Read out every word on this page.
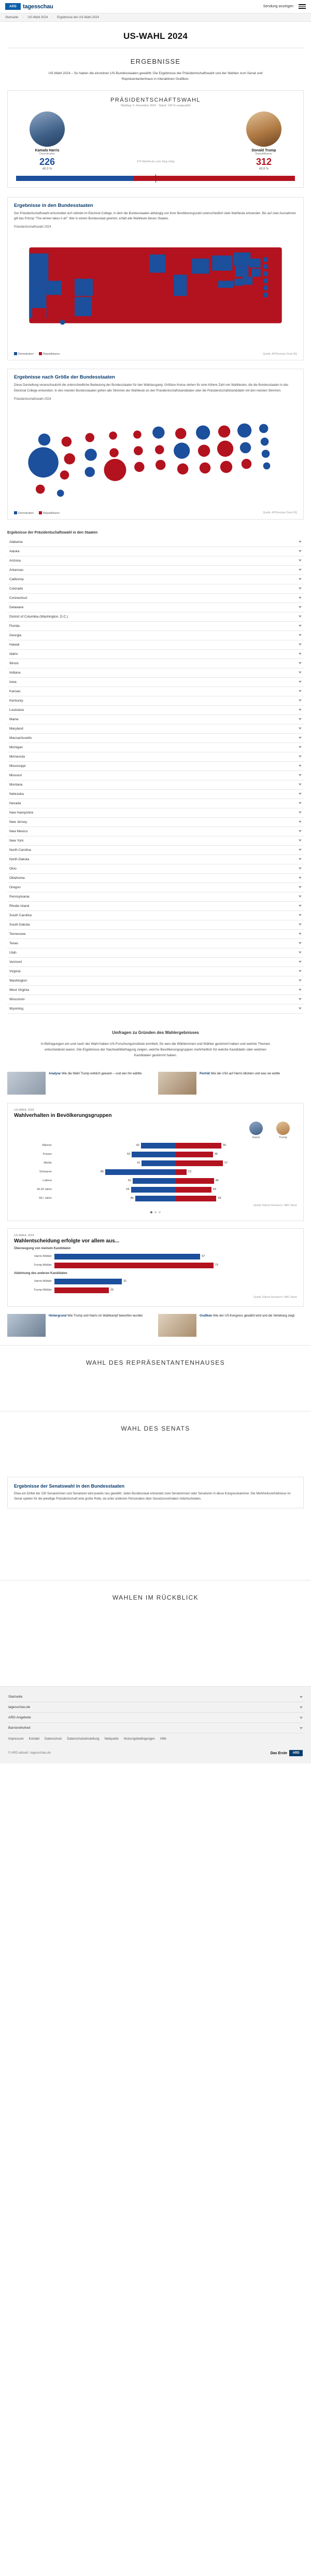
ARD	tagesschau	Sendung anzeigen
Startseite › US-Wahl 2024 › Ergebnisse der US-Wahl 2024
US-WAHL 2024
ERGEBNISSE
US-Wahl 2024 – So haben die einzelnen US-Bundesstaaten gewählt: Die Ergebnisse der Präsidentschaftswahl und der Wahlen zum Senat und Repräsentantenhaus in interaktiven Grafiken.
PRÄSIDENTSCHAFTSWAHL
Wahltag: 5. November 2024 · Stand: 100 % ausgezählt
Kamala Harris
Demokraten
226
48,3 %
270 Wahlleute zum Sieg nötig
Donald Trump
Republikaner
312
49,9 %
Ergebnisse in den Bundesstaaten
Der Präsidentschaftswahl entscheidet sich indirekt im Electoral College, in dem die Bundesstaaten abhängig von ihrer Bevölkerungszahl unterschiedlich viele Wahlleute entsenden. Bis auf zwei Ausnahmen gilt das Prinzip "The winner takes it all": Wer in einem Bundesstaat gewinnt, erhält alle Wahlleute dieses Staates.
Präsidentschaftswahl 2024
Demokraten	Republikaner	Quelle: AP/Decision Desk HQ
Ergebnisse nach Größe der Bundesstaaten
Diese Darstellung veranschaulicht die unterschiedliche Bedeutung der Bundesstaaten für den Wahlausgang: Größere Kreise stehen für eine höhere Zahl von Wahlleuten, die die Bundesstaaten in das Electoral College entsenden. In den meisten Bundesstaaten gehen alle Stimmen der Wahlleute an den Präsidentschaftskandidaten oder die Präsidentschaftskandidatin mit den meisten Stimmen.
Präsidentschaftswahl 2024
Demokraten	Republikaner	Quelle: AP/Decision Desk HQ
Ergebnisse der Präsidentschaftswahl in den Staaten
Alabama
Alaska
Arizona
Arkansas
California
Colorado
Connecticut
Delaware
District of Columbia (Washington, D.C.)
Florida
Georgia
Hawaii
Idaho
Illinois
Indiana
Iowa
Kansas
Kentucky
Louisiana
Maine
Maryland
Massachusetts
Michigan
Minnesota
Mississippi
Missouri
Montana
Nebraska
Nevada
New Hampshire
New Jersey
New Mexico
New York
North Carolina
North Dakota
Ohio
Oklahoma
Oregon
Pennsylvania
Rhode Island
South Carolina
South Dakota
Tennessee
Texas
Utah
Vermont
Virginia
Washington
West Virginia
Wisconsin
Wyoming
Umfragen zu Gründen des Wahlergebnisses
In Befragungen am und nach der Wahl haben US-Forschungsinstitute ermittelt, für wen die Wählerinnen und Wähler gestimmt haben und welche Themen entscheidend waren. Die Ergebnisse der Nachwahlbefragung zeigen, welche Bevölkerungsgruppen mehrheitlich für welche Kandidatin oder welchen Kandidaten gestimmt haben.
Analyse Wie die Wahl Trump wirklich gewann – und wer ihn wählte	Porträt Wie die USA auf Harris blickten und was sie wollte
US-WAHL 2024
Wahlverhalten in Bevölkerungsgruppen
Harris	Trump
Männer	42	55
Frauen	53	45
Weiße	41	57
Schwarze	85	13
Latinos	52	46
18-29 Jahre	54	43
65+ Jahre	49	49
Quelle: Edison Research / NBC News
US-WAHL 2024
Wahlentscheidung erfolgte vor allem aus...
Überzeugung von meinem Kandidaten
Harris-Wähler	67
Trump-Wähler	73
Ablehnung des anderen Kandidaten
Harris-Wähler	31
Trump-Wähler	25
Quelle: Edison Research / NBC News
Hintergrund Wie Trump und Harris im Wahlkampf beworfen wurden	Grafiken Wie der US-Kongress gewählt wird und die Verteilung zeigt
WAHL DES REPRÄSENTANTENHAUSES
WAHL DES SENATS
Ergebnisse der Senatswahl in den Bundesstaaten

Etwa ein Drittel der 100 Senatorinnen und Senatoren wird jeweils neu gewählt. Jeder Bundesstaat entsendet zwei Senatorinnen oder Senatoren in diese Kongresskammer. Die Mehrheitsverhältnisse im Senat spielen für die jeweilige Präsidentschaft eine große Rolle, da unter anderem Personalien über Gesetzesvorhaben mitentscheiden.

WAHLEN IM RÜCKBLICK
Startseite
tagesschau.de
ARD-Angebote
Barrierefreiheit
Impressum Kontakt Datenschutz Datenschutzeinstellung Netiquette Nutzungsbedingungen Hilfe
© ARD-aktuell / tagesschau.de	Das Erste	ARD
